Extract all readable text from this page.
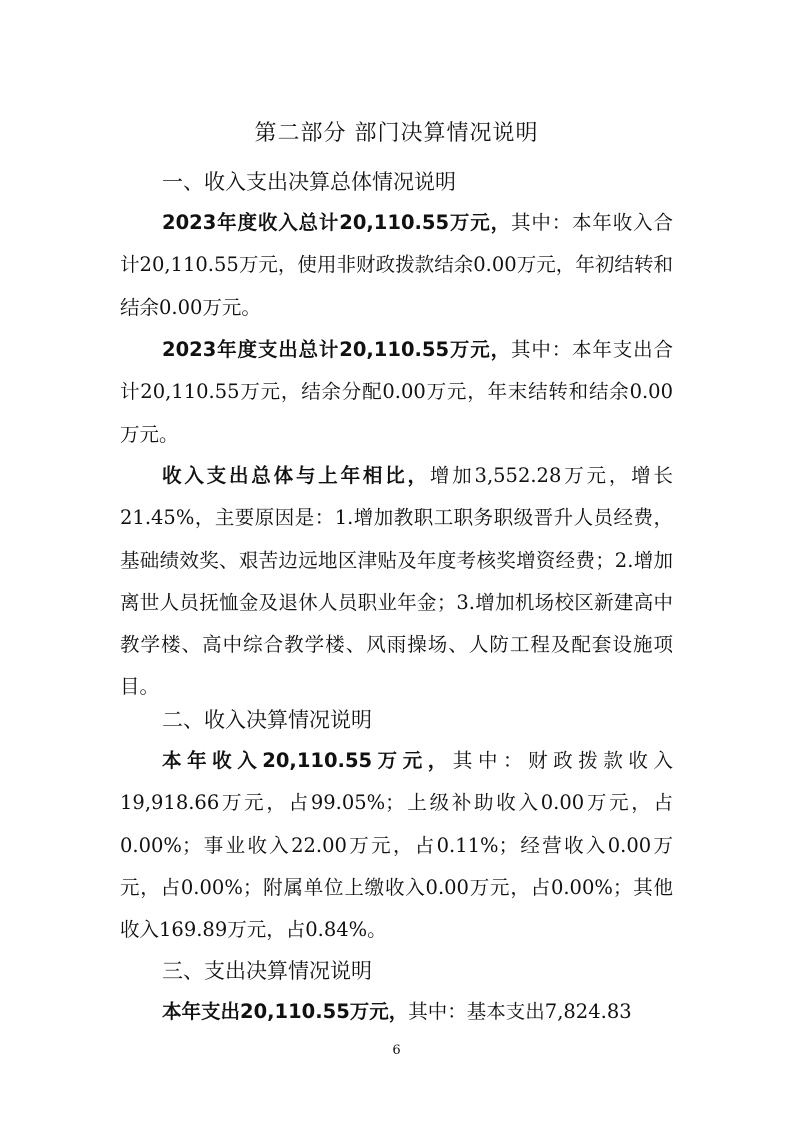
第二部分 部门决算情况说明
一、收入支出决算总体情况说明

2023年度收入总计20,110.55万元，其中：本年收入合计20,110.55万元，使用非财政拨款结余0.00万元，年初结转和结余0.00万元。

2023年度支出总计20,110.55万元，其中：本年支出合计20,110.55万元，结余分配0.00万元，年末结转和结余0.00万元。

收入支出总体与上年相比，增加3,552.28万元，增长21.45%，主要原因是：1.增加教职工职务职级晋升人员经费，基础绩效奖、艰苦边远地区津贴及年度考核奖增资经费；2.增加离世人员抚恤金及退休人员职业年金；3.增加机场校区新建高中教学楼、高中综合教学楼、风雨操场、人防工程及配套设施项目。

二、收入决算情况说明

本年收入20,110.55万元，其中：财政拨款收入19,918.66万元，占99.05%；上级补助收入0.00万元，占0.00%；事业收入22.00万元，占0.11%；经营收入0.00万元，占0.00%；附属单位上缴收入0.00万元，占0.00%；其他收入169.89万元，占0.84%。

三、支出决算情况说明

本年支出20,110.55万元，其中：基本支出7,824.83

6
